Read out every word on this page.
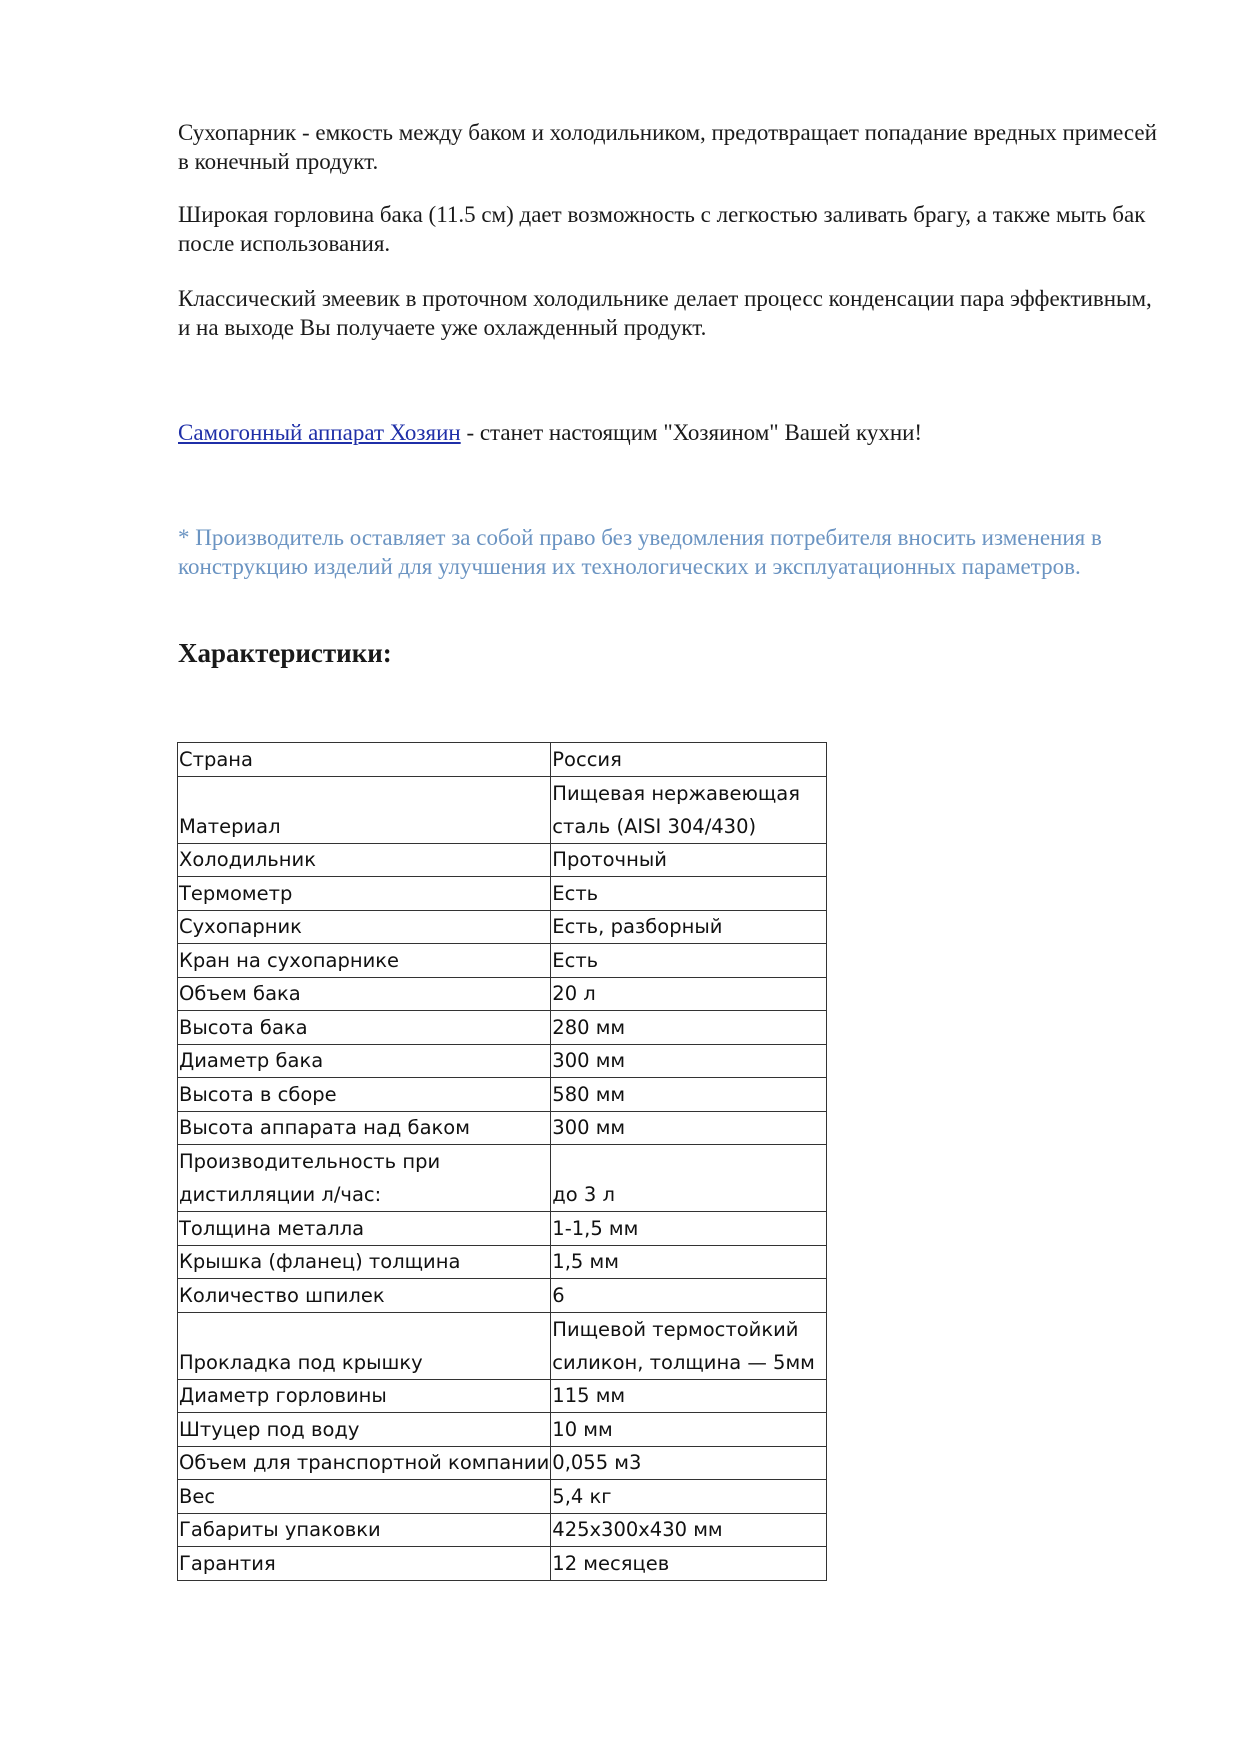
Сухопарник - емкость между баком и холодильником, предотвращает попадание вредных примесей в конечный продукт.

Широкая горловина бака (11.5 см) дает возможность с легкостью заливать брагу, а также мыть бак после использования.

Классический змеевик в проточном холодильнике делает процесс конденсации пара эффективным, и на выходе Вы получаете уже охлажденный продукт.

Самогонный аппарат Хозяин - станет настоящим "Хозяином" Вашей кухни!

* Производитель оставляет за собой право без уведомления потребителя вносить изменения в конструкцию изделий для улучшения их технологических и эксплуатационных параметров.

Характеристики:
Страна	Россия
Материал	Пищевая нержавеющая сталь (AISI 304/430)
Холодильник	Проточный
Термометр	Есть
Сухопарник	Есть, разборный
Кран на сухопарнике	Есть
Объем бака	20 л
Высота бака	280 мм
Диаметр бака	300 мм
Высота в сборе	580 мм
Высота аппарата над баком	300 мм
Производительность при дистилляции л/час:	до 3 л
Толщина металла	1-1,5 мм
Крышка (фланец) толщина	1,5 мм
Количество шпилек	6
Прокладка под крышку	Пищевой термостойкий силикон, толщина — 5мм
Диаметр горловины	115 мм
Штуцер под воду	10 мм
Объем для транспортной компании	0,055 м3
Вес	5,4 кг
Габариты упаковки	425х300х430 мм
Гарантия	12 месяцев
